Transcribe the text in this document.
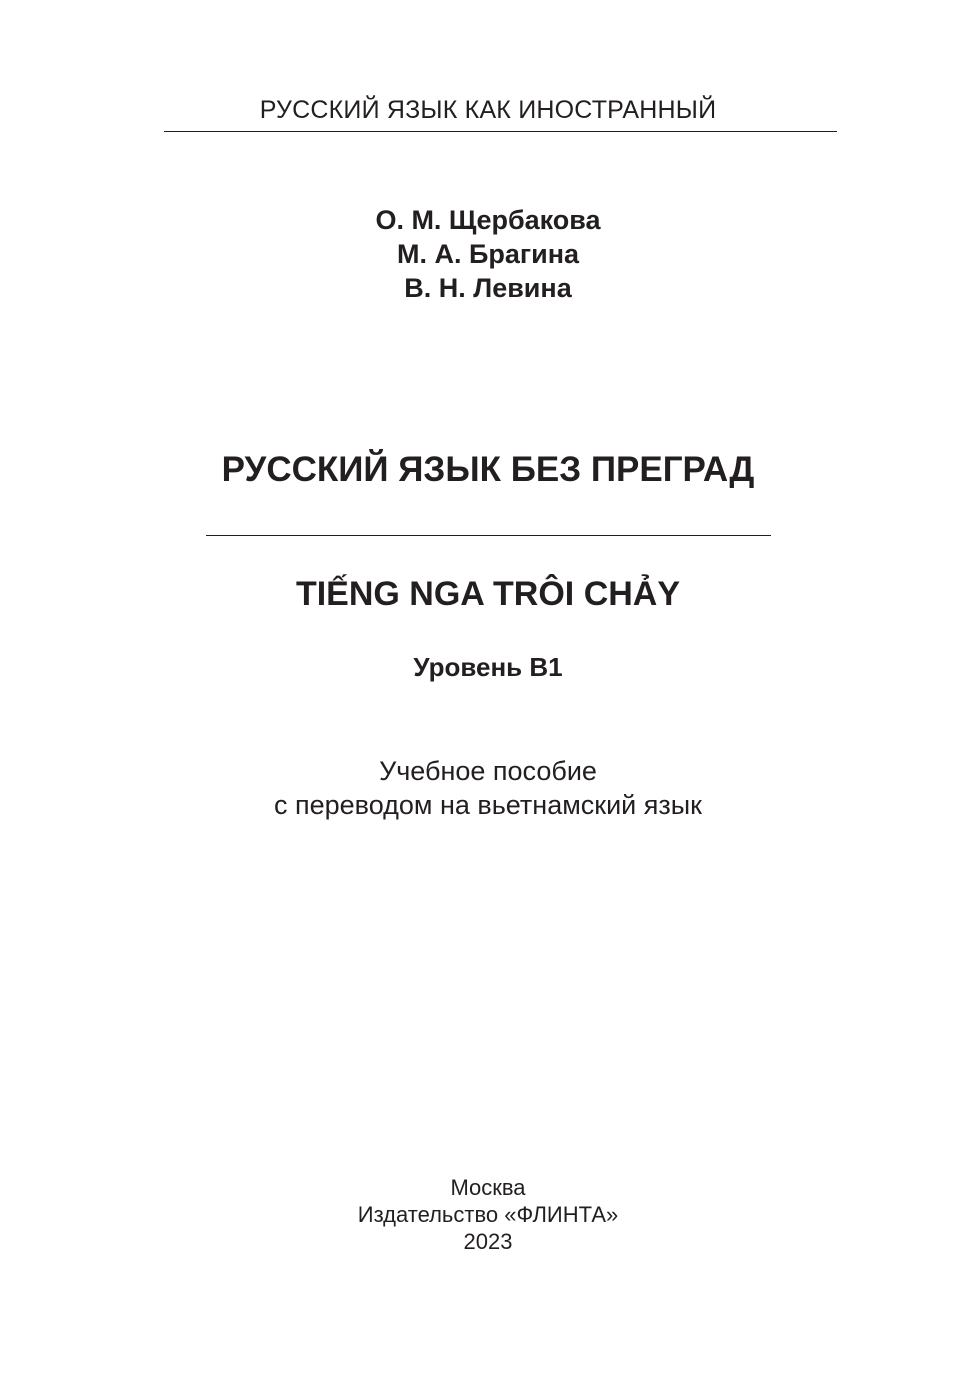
РУССКИЙ ЯЗЫК КАК ИНОСТРАННЫЙ
О. М. Щербакова
М. А. Брагина
В. Н. Левина
РУССКИЙ ЯЗЫК БЕЗ ПРЕГРАД
TIẾNG NGA TRÔI CHẢY
Уровень В1
Учебное пособие
с переводом на вьетнамский язык
Москва
Издательство «ФЛИНТА»
2023
